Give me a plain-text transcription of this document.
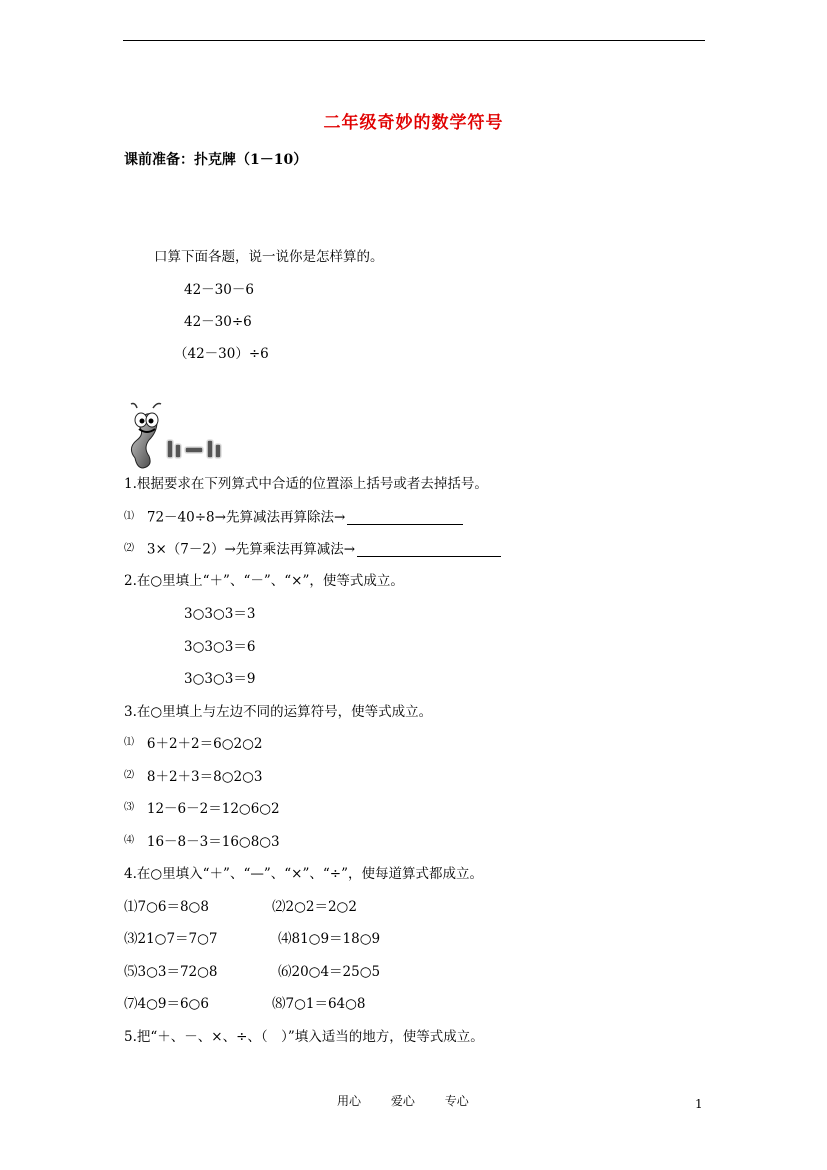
二年级奇妙的数学符号
课前准备：扑克牌（1－10）
口算下面各题，说一说你是怎样算的。
42－30－6
42－30÷6
（42－30）÷6
1.根据要求在下列算式中合适的位置添上括号或者去掉括号。
⑴ 72－40÷8→先算减法再算除法→
⑵ 3×（7－2）→先算乘法再算减法→
2.在○里填上“＋”、“－”、“×”，使等式成立。
3○3○3＝3
3○3○3＝6
3○3○3＝9
3.在○里填上与左边不同的运算符号，使等式成立。
⑴ 6＋2＋2＝6○2○2
⑵ 8＋2＋3＝8○2○3
⑶ 12－6－2＝12○6○2
⑷ 16－8－3＝16○8○3
4.在○里填入“＋”、“—”、“×”、“÷”，使每道算式都成立。
⑴7○6＝8○8	⑵2○2＝2○2
⑶21○7＝7○7	⑷81○9＝18○9
⑸3○3＝72○8	⑹20○4＝25○5
⑺4○9＝6○6	⑻7○1＝64○8
5.把“＋、－、×、÷、（　）”填入适当的地方，使等式成立。
用心 爱心 专心	1
